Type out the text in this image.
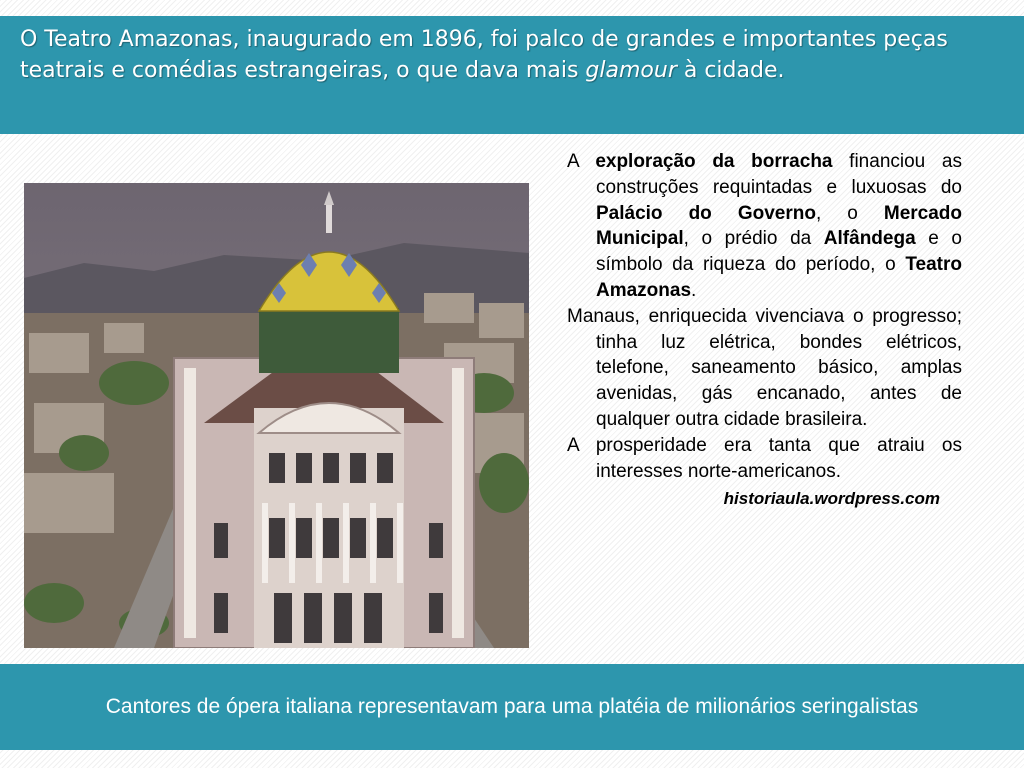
O Teatro Amazonas, inaugurado em 1896, foi palco de grandes e importantes peças teatrais e comédias estrangeiras, o que dava mais glamour à cidade.

A exploração da borracha financiou as construções requintadas e luxuosas do Palácio do Governo, o Mercado Municipal, o prédio da Alfândega e o símbolo da riqueza do período, o Teatro Amazonas.

Manaus, enriquecida vivenciava o progresso; tinha luz elétrica, bondes elétricos, telefone, saneamento básico, amplas avenidas, gás encanado, antes de qualquer outra cidade brasileira.

A prosperidade era tanta que atraiu os interesses norte-americanos.

historiaula.wordpress.com
Cantores de ópera italiana representavam para uma platéia de milionários seringalistas
